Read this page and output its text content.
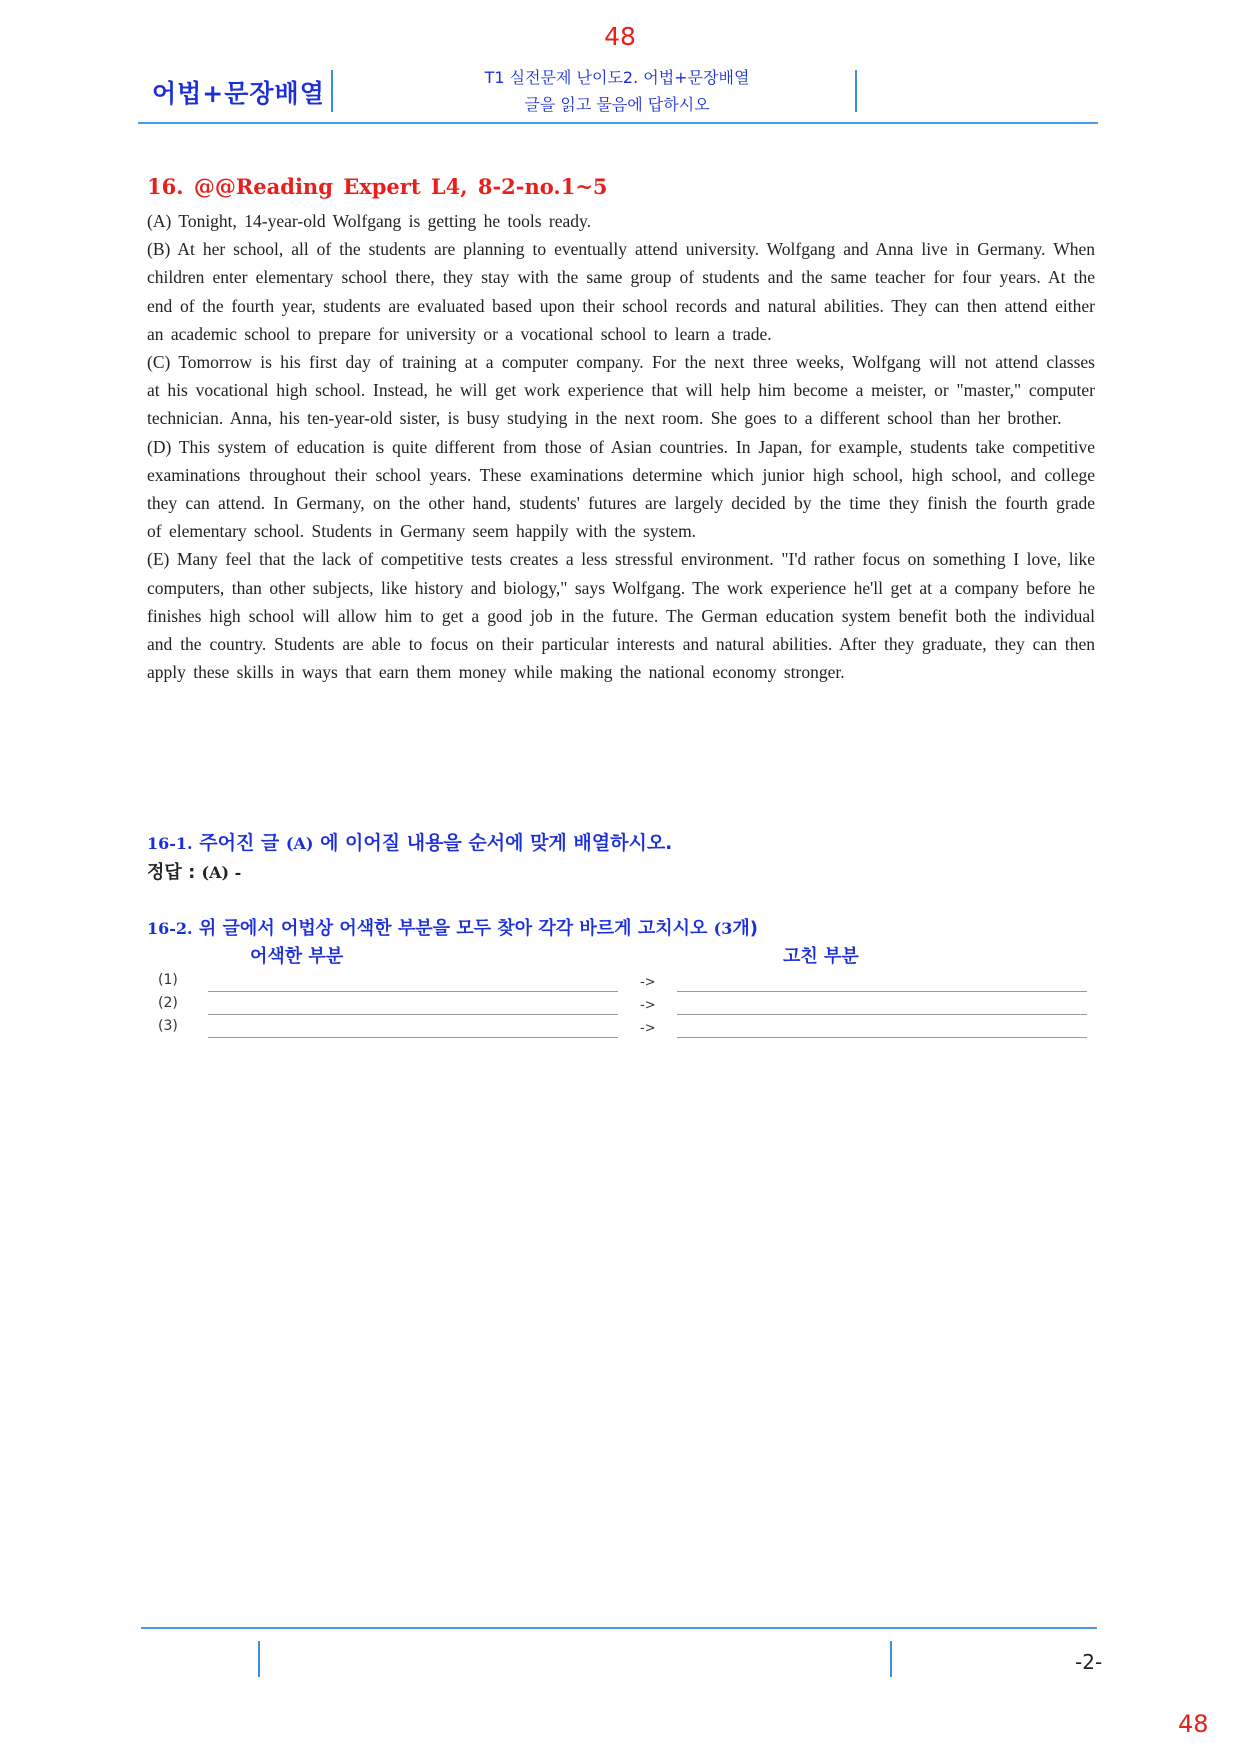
48
어법+문장배열
T1 실전문제 난이도2. 어법+문장배열
글을 읽고 물음에 답하시오
16. @@Reading Expert L4, 8-2-no.1~5

(A) Tonight, 14-year-old Wolfgang is getting he tools ready.

(B) At her school, all of the students are planning to eventually attend university. Wolfgang and Anna live in Germany. When children enter elementary school there, they stay with the same group of students and the same teacher for four years. At the end of the fourth year, students are evaluated based upon their school records and natural abilities. They can then attend either an academic school to prepare for university or a vocational school to learn a trade.

(C) Tomorrow is his first day of training at a computer company. For the next three weeks, Wolfgang will not attend classes at his vocational high school. Instead, he will get work experience that will help him become a meister, or "master," computer technician. Anna, his ten-year-old sister, is busy studying in the next room. She goes to a different school than her brother.

(D) This system of education is quite different from those of Asian countries. In Japan, for example, students take competitive examinations throughout their school years. These examinations determine which junior high school, high school, and college they can attend. In Germany, on the other hand, students' futures are largely decided by the time they finish the fourth grade of elementary school. Students in Germany seem happily with the system.

(E) Many feel that the lack of competitive tests creates a less stressful environment. "I'd rather focus on something I love, like computers, than other subjects, like history and biology," says Wolfgang. The work experience he'll get at a company before he finishes high school will allow him to get a good job in the future. The German education system benefit both the individual and the country. Students are able to focus on their particular interests and natural abilities. After they graduate, they can then apply these skills in ways that earn them money while making the national economy stronger.

16-1. 주어진 글 (A) 에 이어질 내용을 순서에 맞게 배열하시오.
정답 : (A) -
16-2. 위 글에서 어법상 어색한 부분을 모두 찾아 각각 바르게 고치시오 (3개)
어색한 부분	고친 부분
(1)	->
(2)	->
(3)	->
-2-
48
